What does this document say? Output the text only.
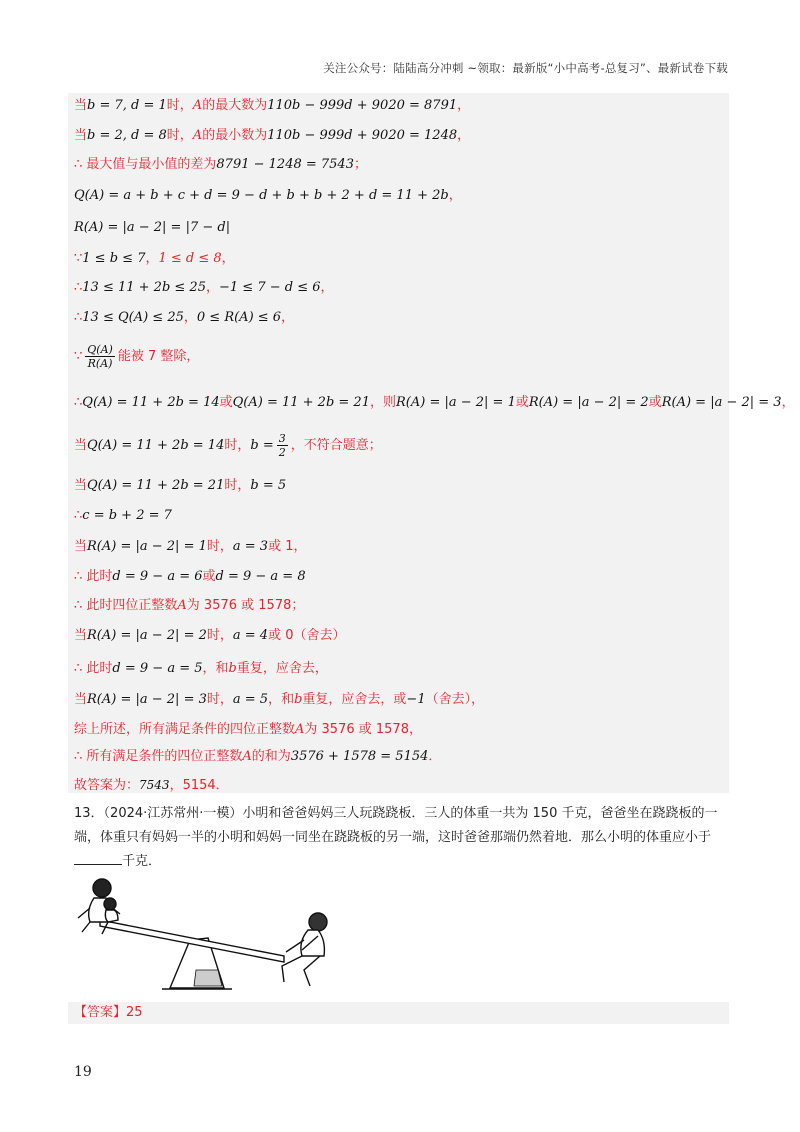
关注公众号：陆陆高分冲刺 ~领取：最新版“小中高考-总复习”、最新试卷下载
当b = 7, d = 1时，A的最大数为110b − 999d + 9020 = 8791，
当b = 2, d = 8时，A的最小数为110b − 999d + 9020 = 1248，
∴ 最大值与最小值的差为8791 − 1248 = 7543；
Q(A) = a + b + c + d = 9 − d + b + b + 2 + d = 11 + 2b，
R(A) = |a − 2| = |7 − d|
∵1 ≤ b ≤ 7，1 ≤ d ≤ 8，
∴13 ≤ 11 + 2b ≤ 25，−1 ≤ 7 − d ≤ 6，
∴13 ≤ Q(A) ≤ 25，0 ≤ R(A) ≤ 6，
∵ $\frac{Q(A)}{R(A)}$ 能被 7 整除，
∴Q(A) = 11 + 2b = 14或Q(A) = 11 + 2b = 21，则R(A) = |a − 2| = 1或R(A) = |a − 2| = 2或R(A) = |a − 2| = 3，
当Q(A) = 11 + 2b = 14时，$b = \frac{3}{2}$ ，不符合题意；
当Q(A) = 11 + 2b = 21时，b = 5
∴c = b + 2 = 7
当R(A) = |a − 2| = 1时，a = 3或 1，
∴ 此时d = 9 − a = 6或d = 9 − a = 8
∴ 此时四位正整数A为 3576 或 1578；
当R(A) = |a − 2| = 2时，a = 4或 0（舍去）
∴ 此时d = 9 − a = 5，和b重复，应舍去，
当R(A) = |a − 2| = 3时，a = 5，和b重复，应舍去，或−1（舍去），
综上所述，所有满足条件的四位正整数A为 3576 或 1578，
∴ 所有满足条件的四位正整数A的和为3576 + 1578 = 5154．
故答案为：7543，5154．
13．（2024·江苏常州·一模）小明和爸爸妈妈三人玩跷跷板．三人的体重一共为 150 千克，爸爸坐在跷跷板的一端，体重只有妈妈一半的小明和妈妈一同坐在跷跷板的另一端，这时爸爸那端仍然着地．那么小明的体重应小于千克．
【答案】25
19
